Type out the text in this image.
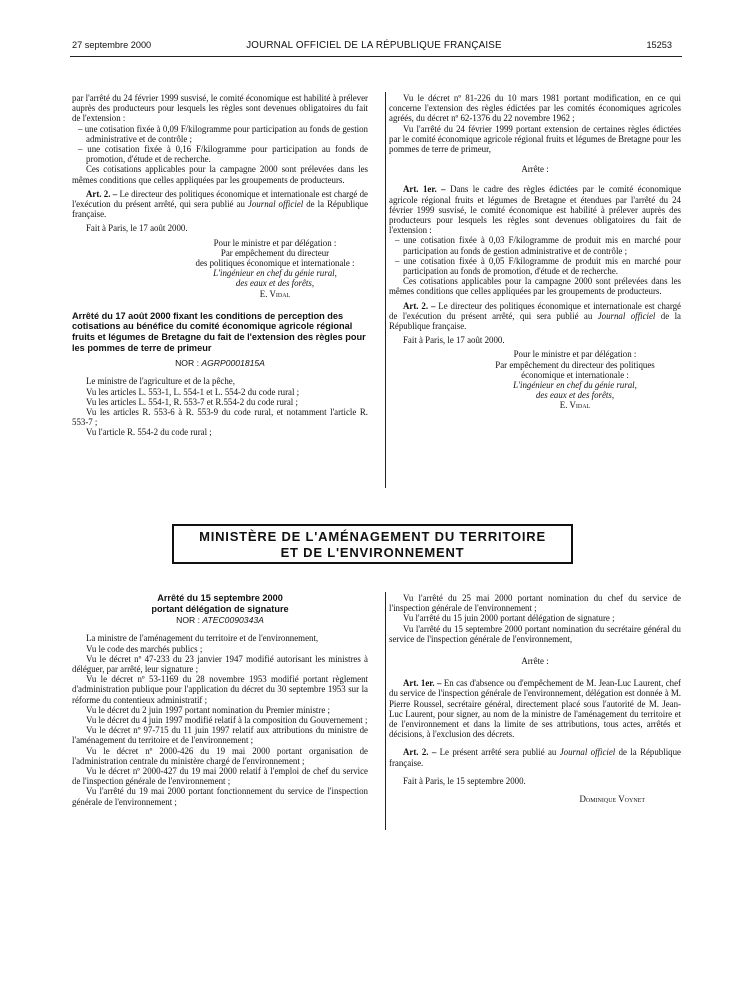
27 septembre 2000	JOURNAL OFFICIEL DE LA RÉPUBLIQUE FRANÇAISE	15253

par l'arrêté du 24 février 1999 susvisé, le comité économique est habilité à prélever auprès des producteurs pour lesquels les règles sont devenues obligatoires du fait de l'extension :

– une cotisation fixée à 0,09 F/kilogramme pour participation au fonds de gestion administrative et de contrôle ;

– une cotisation fixée à 0,16 F/kilogramme pour participation au fonds de promotion, d'étude et de recherche.

Ces cotisations applicables pour la campagne 2000 sont prélevées dans les mêmes conditions que celles appliquées par les groupements de producteurs.

Art. 2. – Le directeur des politiques économique et internationale est chargé de l'exécution du présent arrêté, qui sera publié au Journal officiel de la République française.

Fait à Paris, le 17 août 2000.

Pour le ministre et par délégation :

Par empêchement du directeur

des politiques économique et internationale :

L'ingénieur en chef du génie rural,

des eaux et des forêts,

E. Vidal

Arrêté du 17 août 2000 fixant les conditions de perception des cotisations au bénéfice du comité économique agricole régional fruits et légumes de Bretagne du fait de l'extension des règles pour les pommes de terre de primeur

NOR : AGRP0001815A

Le ministre de l'agriculture et de la pêche,

Vu les articles L. 553-1, L. 554-1 et L. 554-2 du code rural ;

Vu les articles L. 554-1, R. 553-7 et R.554-2 du code rural ;

Vu les articles R. 553-6 à R. 553-9 du code rural, et notamment l'article R. 553-7 ;

Vu l'article R. 554-2 du code rural ;

Vu le décret nº 81-226 du 10 mars 1981 portant modification, en ce qui concerne l'extension des règles édictées par les comités économiques agricoles agréés, du décret nº 62-1376 du 22 novembre 1962 ;

Vu l'arrêté du 24 février 1999 portant extension de certaines règles édictées par le comité économique agricole régional fruits et légumes de Bretagne pour les pommes de terre de primeur,

Arrête :

Art. 1er. – Dans le cadre des règles édictées par le comité économique agricole régional fruits et légumes de Bretagne et étendues par l'arrêté du 24 février 1999 susvisé, le comité économique est habilité à prélever auprès des producteurs pour lesquels les règles sont devenues obligatoires du fait de l'extension :

– une cotisation fixée à 0,03 F/kilogramme de produit mis en marché pour participation au fonds de gestion administrative et de contrôle ;

– une cotisation fixée à 0,05 F/kilogramme de produit mis en marché pour participation au fonds de promotion, d'étude et de recherche.

Ces cotisations applicables pour la campagne 2000 sont prélevées dans les mêmes conditions que celles appliquées par les groupements de producteurs.

Art. 2. – Le directeur des politiques économique et internationale est chargé de l'exécution du présent arrêté, qui sera publié au Journal officiel de la République française.

Fait à Paris, le 17 août 2000.

Pour le ministre et par délégation :

Par empêchement du directeur des politiques

économique et internationale :

L'ingénieur en chef du génie rural,

des eaux et des forêts,

E. Vidal

MINISTÈRE DE L'AMÉNAGEMENT DU TERRITOIRE
ET DE L'ENVIRONNEMENT

Arrêté du 15 septembre 2000

portant délégation de signature

NOR : ATEC0090343A

La ministre de l'aménagement du territoire et de l'environnement,

Vu le code des marchés publics ;

Vu le décret nº 47-233 du 23 janvier 1947 modifié autorisant les ministres à déléguer, par arrêté, leur signature ;

Vu le décret nº 53-1169 du 28 novembre 1953 modifié portant règlement d'administration publique pour l'application du décret du 30 septembre 1953 sur la réforme du contentieux administratif ;

Vu le décret du 2 juin 1997 portant nomination du Premier ministre ;

Vu le décret du 4 juin 1997 modifié relatif à la composition du Gouvernement ;

Vu le décret nº 97-715 du 11 juin 1997 relatif aux attributions du ministre de l'aménagement du territoire et de l'environnement ;

Vu le décret nº 2000-426 du 19 mai 2000 portant organisation de l'administration centrale du ministère chargé de l'environnement ;

Vu le décret nº 2000-427 du 19 mai 2000 relatif à l'emploi de chef du service de l'inspection générale de l'environnement ;

Vu l'arrêté du 19 mai 2000 portant fonctionnement du service de l'inspection générale de l'environnement ;

Vu l'arrêté du 25 mai 2000 portant nomination du chef du service de l'inspection générale de l'environnement ;

Vu l'arrêté du 15 juin 2000 portant délégation de signature ;

Vu l'arrêté du 15 septembre 2000 portant nomination du secrétaire général du service de l'inspection générale de l'environnement,

Arrête :

Art. 1er. – En cas d'absence ou d'empêchement de M. Jean-Luc Laurent, chef du service de l'inspection générale de l'environnement, délégation est donnée à M. Pierre Roussel, secrétaire général, directement placé sous l'autorité de M. Jean-Luc Laurent, pour signer, au nom de la ministre de l'aménagement du territoire et de l'environnement et dans la limite de ses attributions, tous actes, arrêtés et décisions, à l'exclusion des décrets.

Art. 2. – Le présent arrêté sera publié au Journal officiel de la République française.

Fait à Paris, le 15 septembre 2000.

Dominique Voynet
